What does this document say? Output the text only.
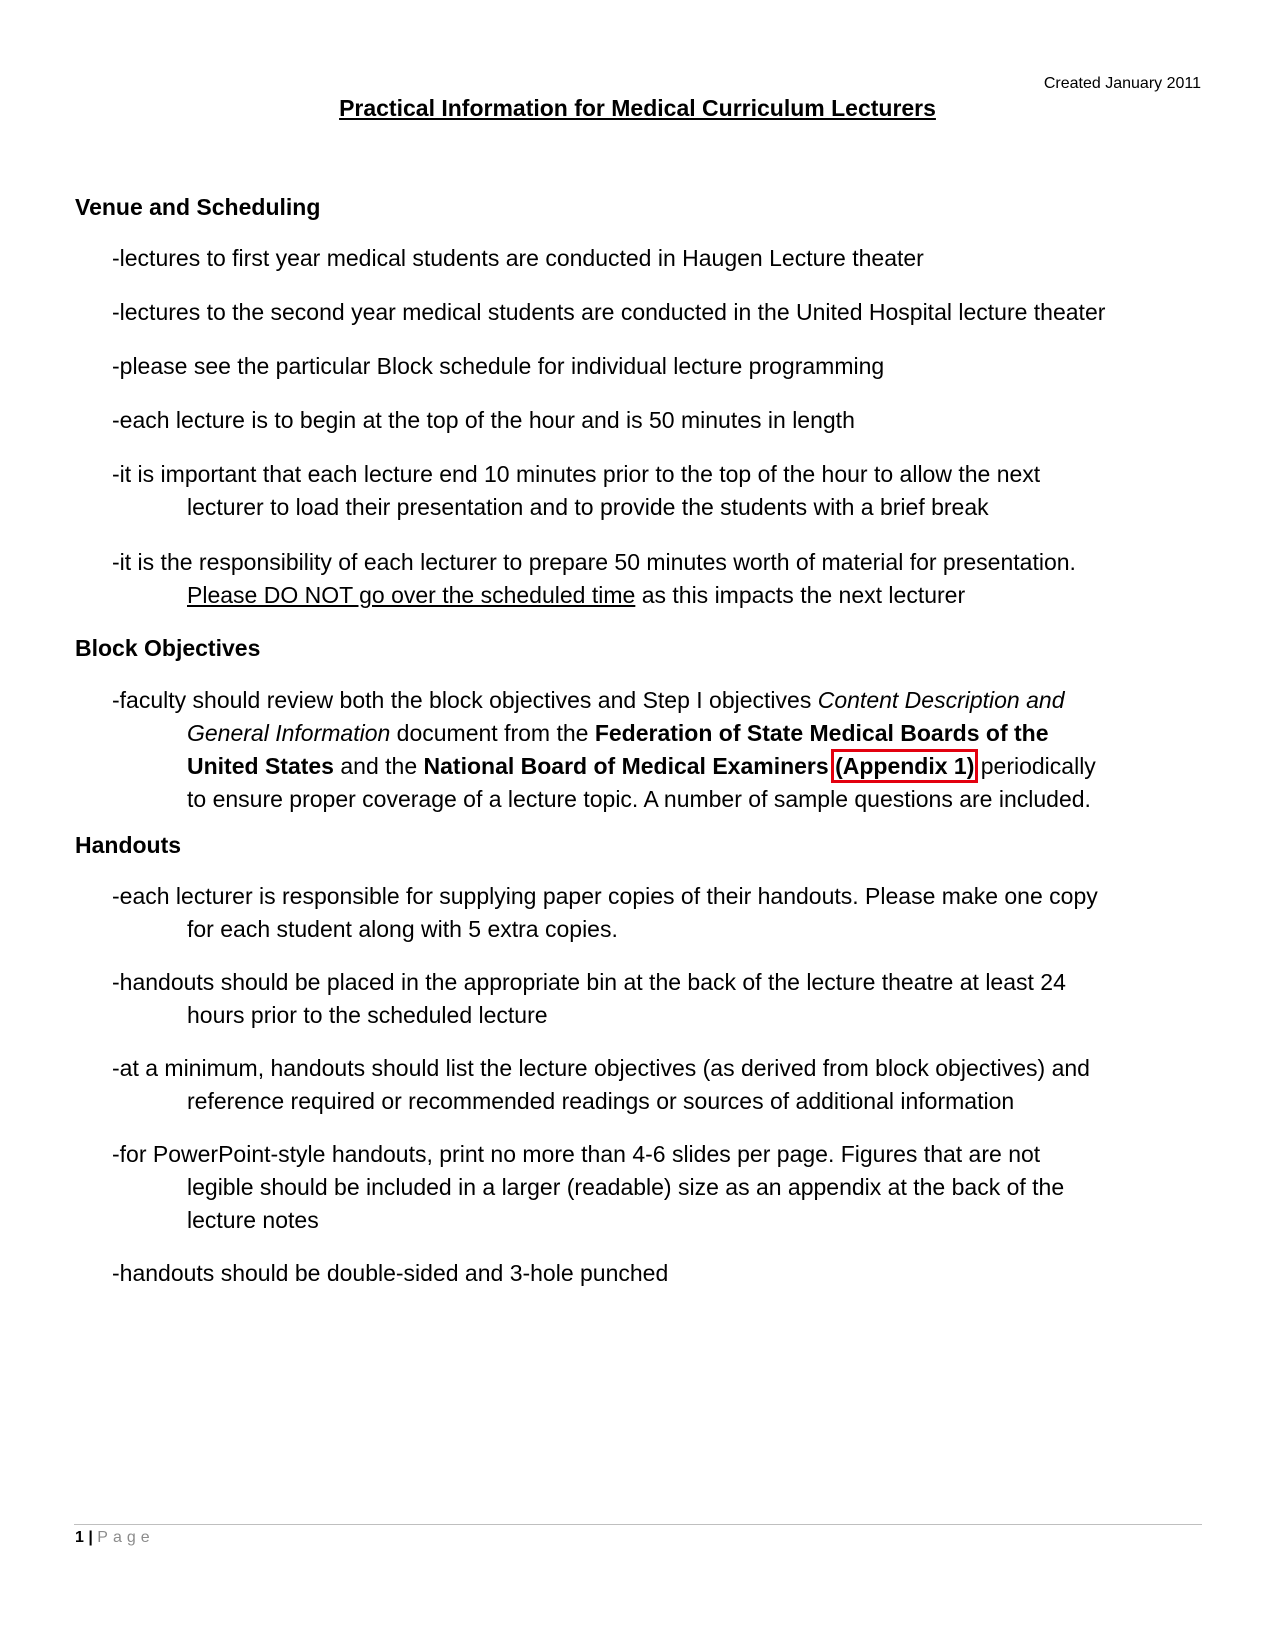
Created January 2011
Practical Information for Medical Curriculum Lecturers
Venue and Scheduling

-lectures to first year medical students are conducted in Haugen Lecture theater

-lectures to the second year medical students are conducted in the United Hospital lecture theater

-please see the particular Block schedule for individual lecture programming

-each lecture is to begin at the top of the hour and is 50 minutes in length

-it is important that each lecture end 10 minutes prior to the top of the hour to allow the next
lecturer to load their presentation and to provide the students with a brief break

-it is the responsibility of each lecturer to prepare 50 minutes worth of material for presentation.
Please DO NOT go over the scheduled time as this impacts the next lecturer

Block Objectives

-faculty should review both the block objectives and Step I objectives Content Description and
General Information document from the Federation of State Medical Boards of the
United States and the National Board of Medical Examiners (Appendix 1) periodically
to ensure proper coverage of a lecture topic. A number of sample questions are included.

Handouts

-each lecturer is responsible for supplying paper copies of their handouts. Please make one copy
for each student along with 5 extra copies.

-handouts should be placed in the appropriate bin at the back of the lecture theatre at least 24
hours prior to the scheduled lecture

-at a minimum, handouts should list the lecture objectives (as derived from block objectives) and
reference required or recommended readings or sources of additional information

-for PowerPoint-style handouts, print no more than 4-6 slides per page. Figures that are not
legible should be included in a larger (readable) size as an appendix at the back of the
lecture notes

-handouts should be double-sided and 3-hole punched

1 | Page
